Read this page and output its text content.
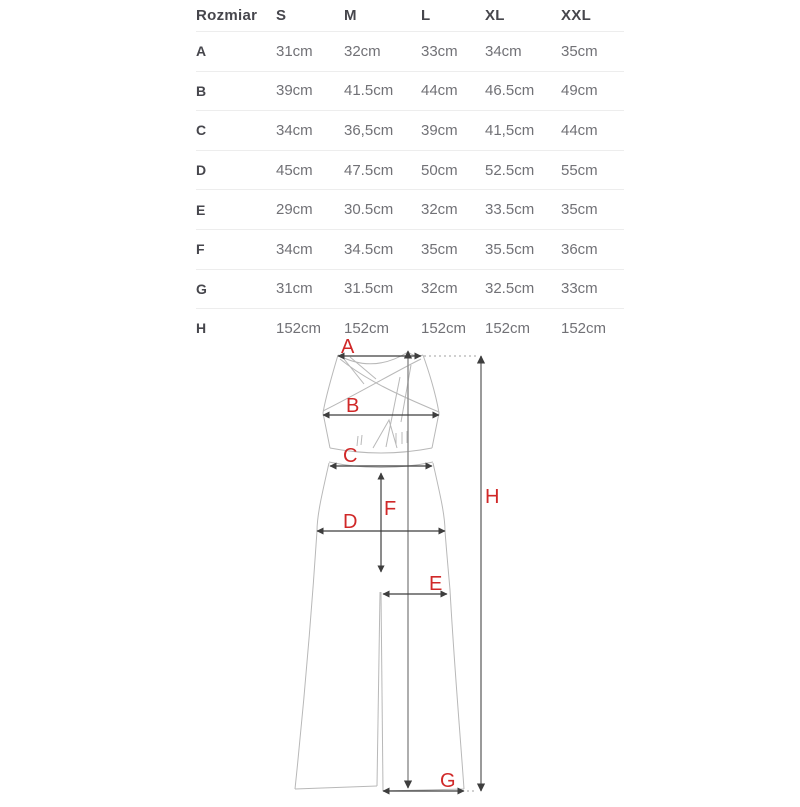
Rozmiar	S	M	L	XL	XXL
A	31cm	32cm	33cm	34cm	35cm
B	39cm	41.5cm	44cm	46.5cm	49cm
C	34cm	36,5cm	39cm	41,5cm	44cm
D	45cm	47.5cm	50cm	52.5cm	55cm
E	29cm	30.5cm	32cm	33.5cm	35cm
F	34cm	34.5cm	35cm	35.5cm	36cm
G	31cm	31.5cm	32cm	32.5cm	33cm
H	152cm	152cm	152cm	152cm	152cm
A
B
C
D
E
F
G
H
